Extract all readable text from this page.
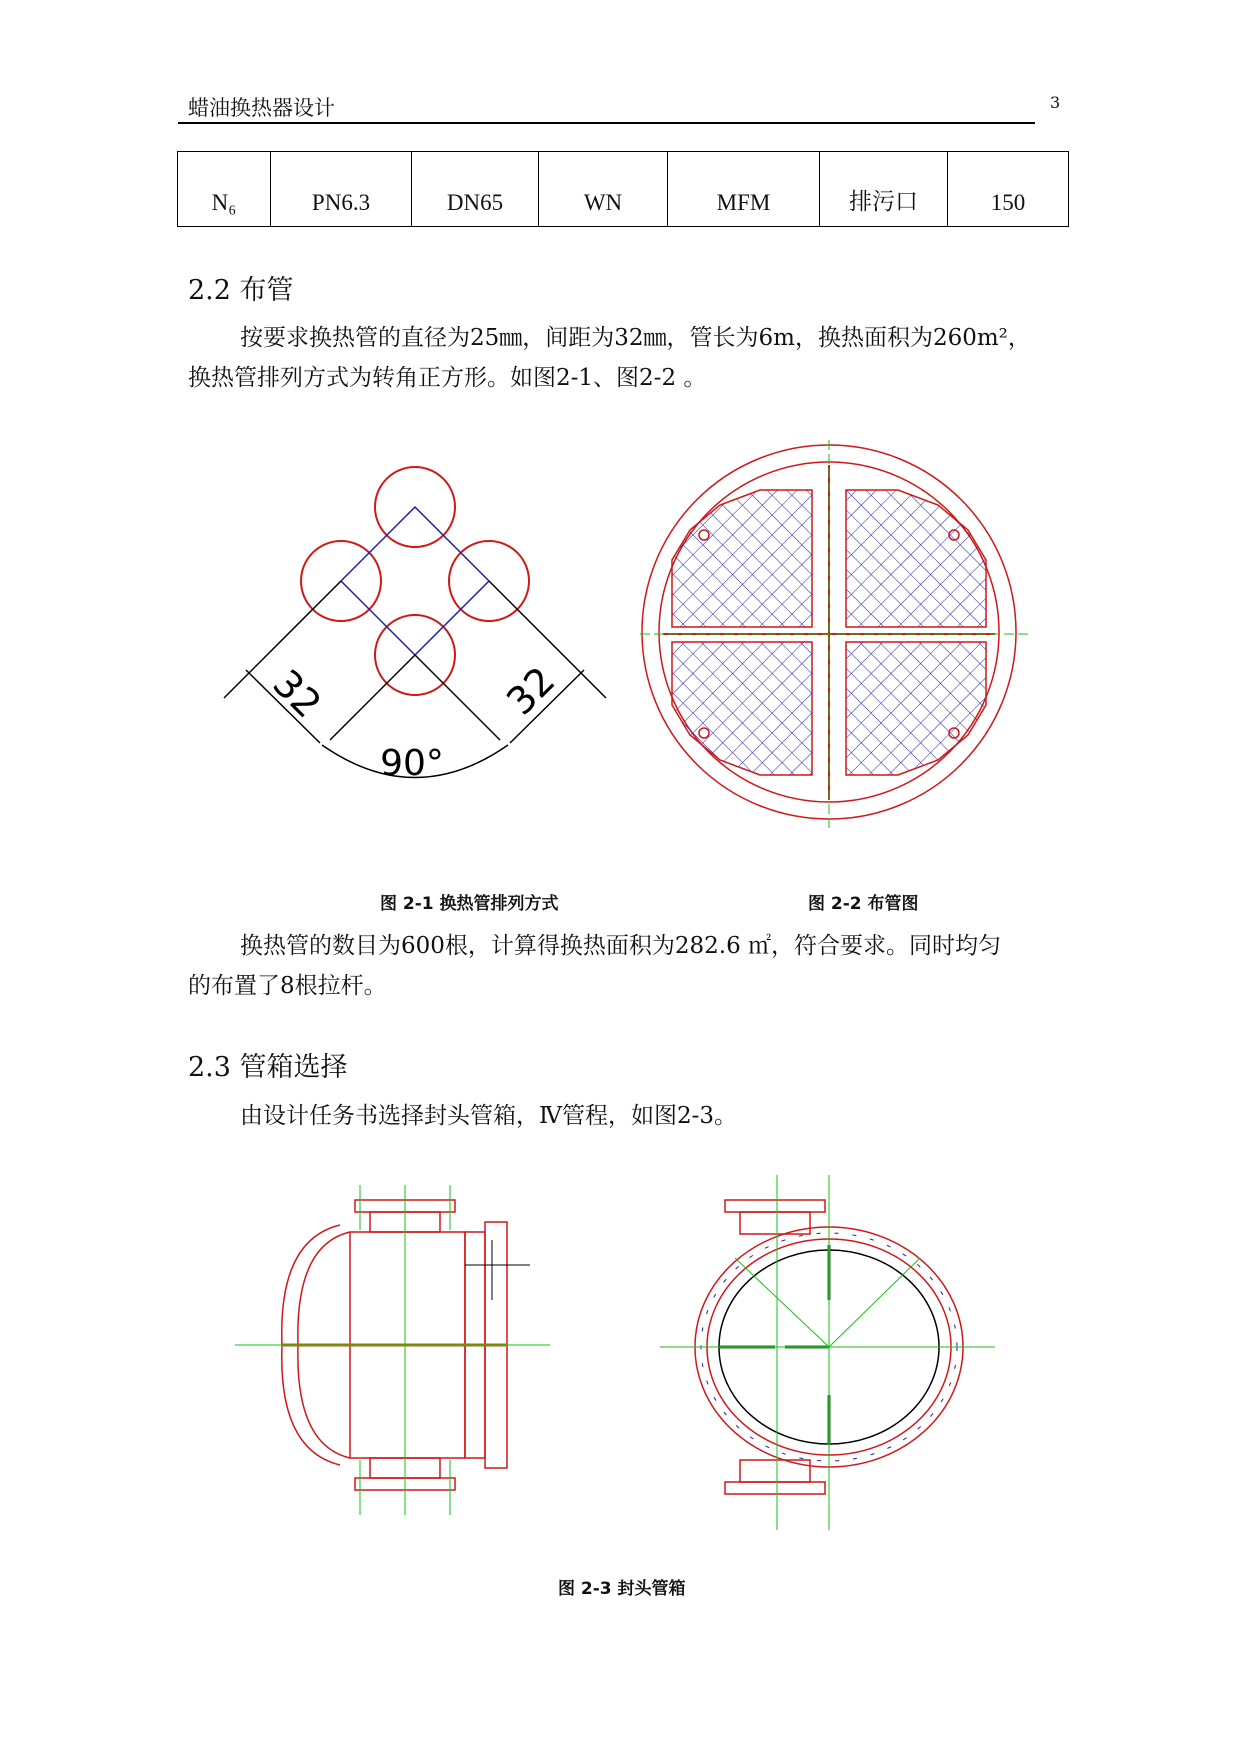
蜡油换热器设计	3
N₆	PN6.3	DN65	WN	MFM	排污口	150
2.2 布管
按要求换热管的直径为25㎜，间距为32㎜，管长为6m，换热面积为260m²，
换热管排列方式为转角正方形。如图2-1、图2-2 。
32	32
90°
图 2-1 换热管排列方式	图 2-2 布管图
换热管的数目为600根，计算得换热面积为282.6 ㎡，符合要求。同时均匀
的布置了8根拉杆。
2.3 管箱选择
由设计任务书选择封头管箱，Ⅳ管程，如图2-3。
图 2-3 封头管箱
